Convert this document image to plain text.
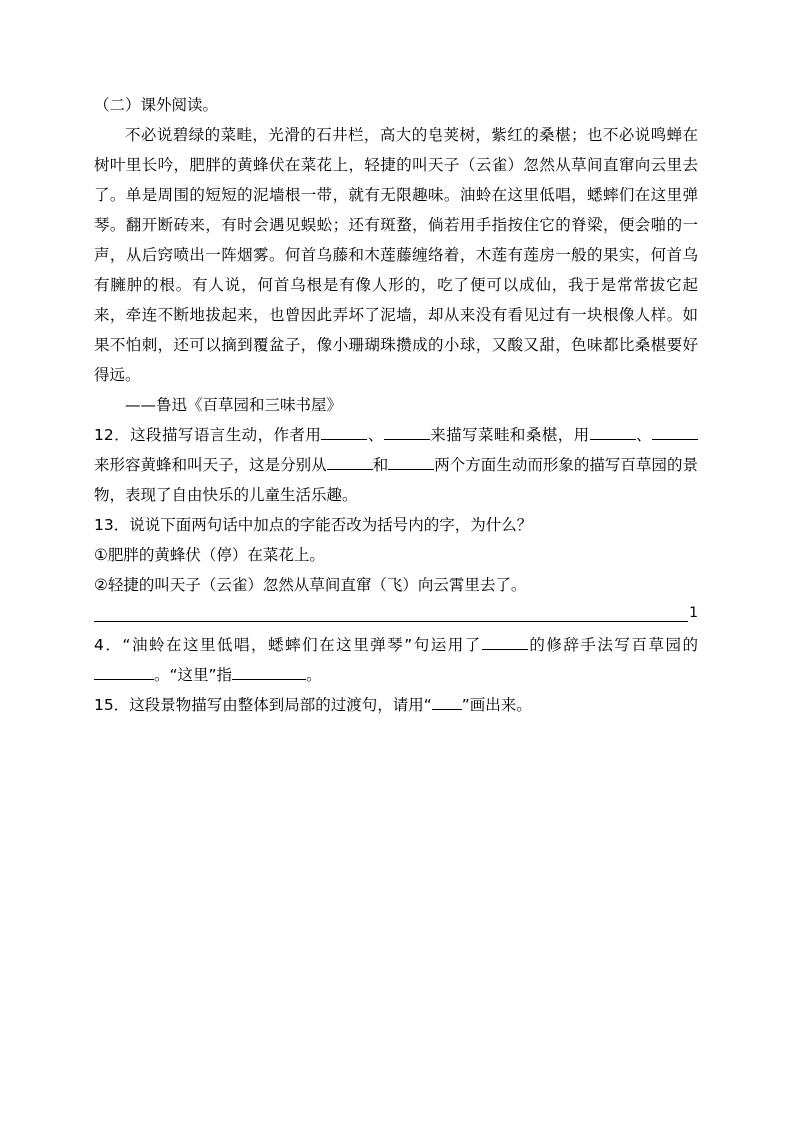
（二）课外阅读。
不必说碧绿的菜畦，光滑的石井栏，高大的皂荚树，紫红的桑椹；也不必说鸣蝉在树叶里长吟，肥胖的黄蜂伏在菜花上，轻捷的叫天子（云雀）忽然从草间直窜向云里去了。单是周围的短短的泥墙根一带，就有无限趣味。油蛉在这里低唱，蟋蟀们在这里弹琴。翻开断砖来，有时会遇见蜈蚣；还有斑蝥，倘若用手指按住它的脊梁，便会啪的一声，从后窍喷出一阵烟雾。何首乌藤和木莲藤缠络着，木莲有莲房一般的果实，何首乌有臃肿的根。有人说，何首乌根是有像人形的，吃了便可以成仙，我于是常常拔它起来，牵连不断地拔起来，也曾因此弄坏了泥墙，却从来没有看见过有一块根像人样。如果不怕刺，还可以摘到覆盆子，像小珊瑚珠攒成的小球，又酸又甜，色味都比桑椹要好得远。
——鲁迅《百草园和三味书屋》
12．这段描写语言生动，作者用	、	来描写菜畦和桑椹，用	、来形容黄蜂和叫天子，这是分别从	和	两个方面生动而形象的描写百草园的景物，表现了自由快乐的儿童生活乐趣。
13．说说下面两句话中加点的字能否改为括号内的字，为什么？
①肥胖的黄蜂伏（停）在菜花上。
②轻捷的叫天子（云雀）忽然从草间直窜（飞）向云霄里去了。
1
4．“油蛉在这里低唱，蟋蟀们在这里弹琴”句运用了	的修辞手法写百草园的。“这里”指	。
15．这段景物描写由整体到局部的过渡句，请用“ ”画出来。
